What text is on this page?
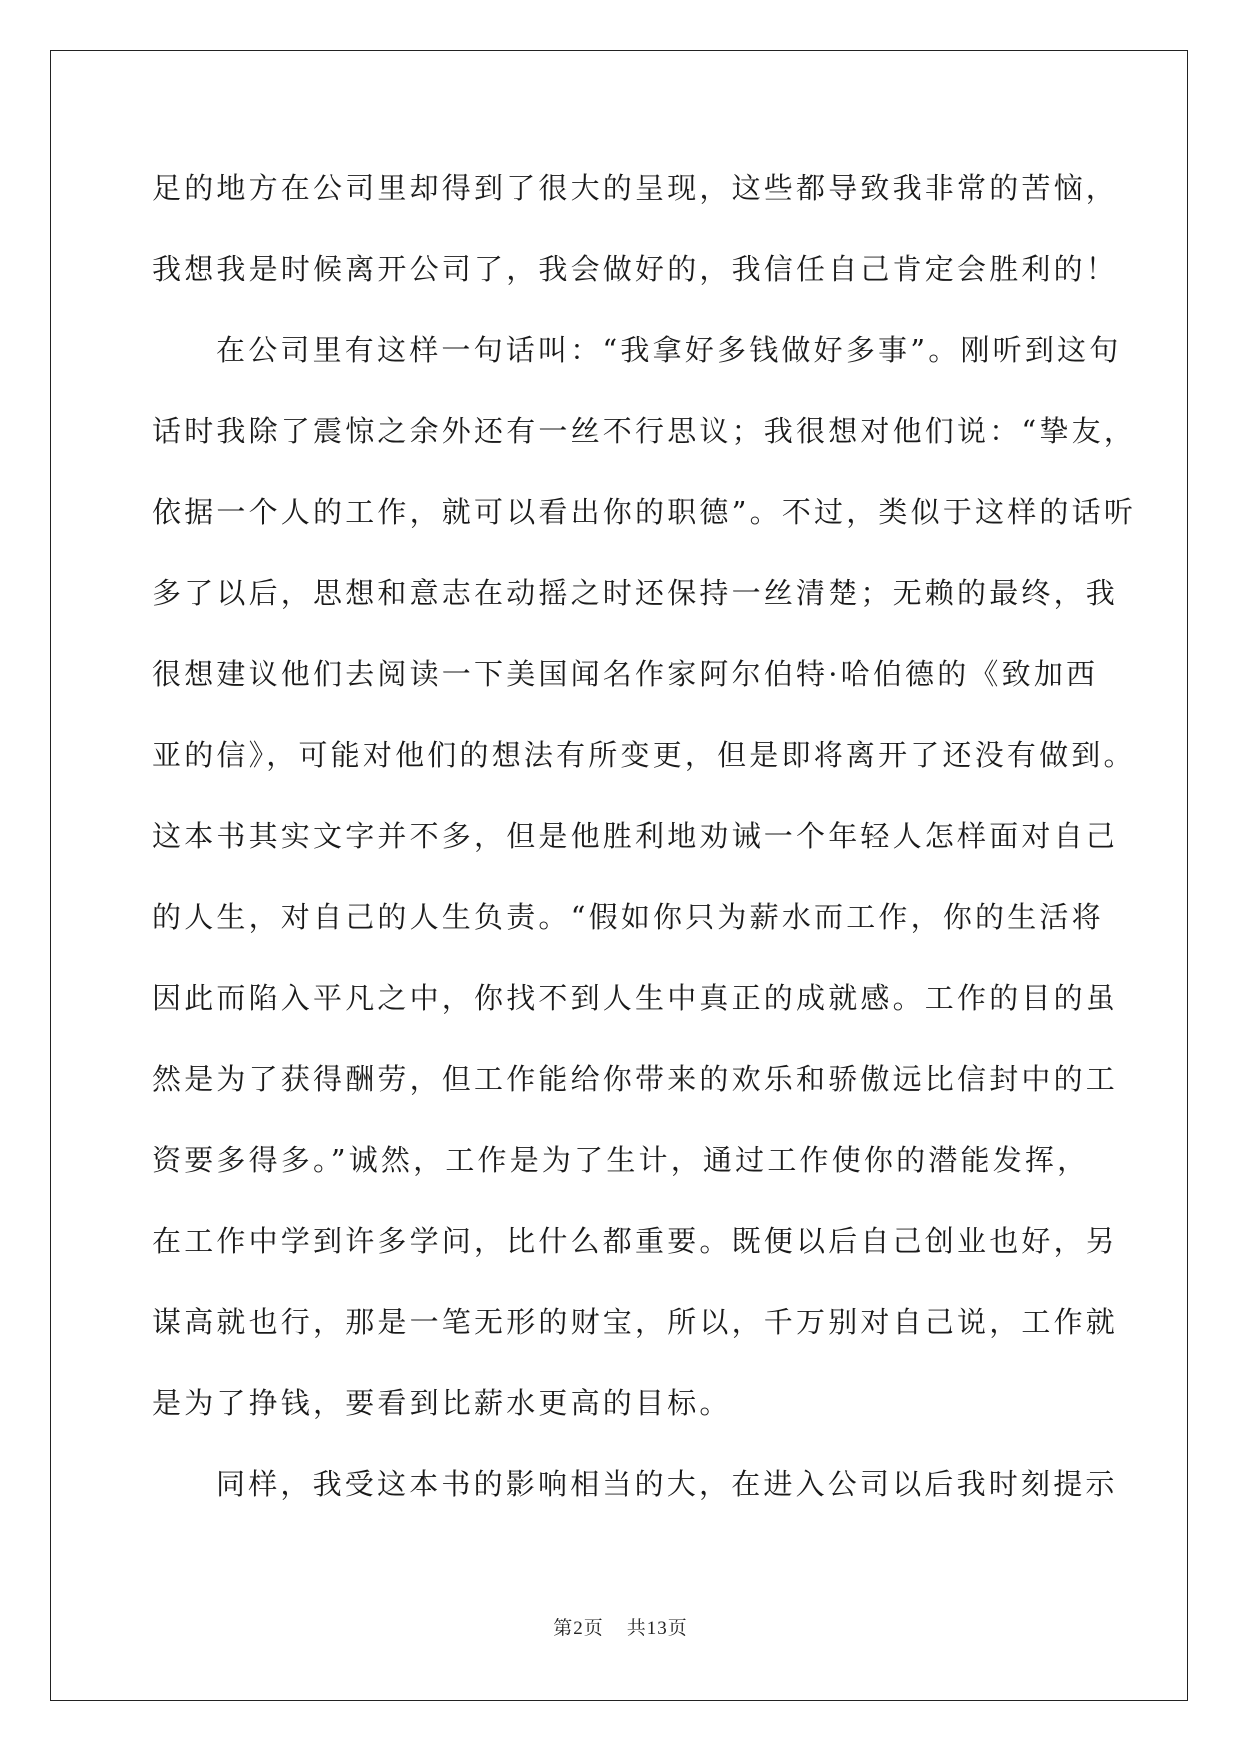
足的地方在公司里却得到了很大的呈现，这些都导致我非常的苦恼，
我想我是时候离开公司了，我会做好的，我信任自己肯定会胜利的！
在公司里有这样一句话叫：“我拿好多钱做好多事”。刚听到这句
话时我除了震惊之余外还有一丝不行思议；我很想对他们说：“挚友，
依据一个人的工作，就可以看出你的职德”。不过，类似于这样的话听
多了以后，思想和意志在动摇之时还保持一丝清楚；无赖的最终，我
很想建议他们去阅读一下美国闻名作家阿尔伯特·哈伯德的《致加西
亚的信》，可能对他们的想法有所变更，但是即将离开了还没有做到。
这本书其实文字并不多，但是他胜利地劝诫一个年轻人怎样面对自己
的人生，对自己的人生负责。“假如你只为薪水而工作，你的生活将
因此而陷入平凡之中，你找不到人生中真正的成就感。工作的目的虽
然是为了获得酬劳，但工作能给你带来的欢乐和骄傲远比信封中的工
资要多得多。”诚然，工作是为了生计，通过工作使你的潜能发挥，
在工作中学到许多学问，比什么都重要。既便以后自己创业也好，另
谋高就也行，那是一笔无形的财宝，所以，千万别对自己说，工作就
是为了挣钱，要看到比薪水更高的目标。
同样，我受这本书的影响相当的大，在进入公司以后我时刻提示
第2页 共13页
